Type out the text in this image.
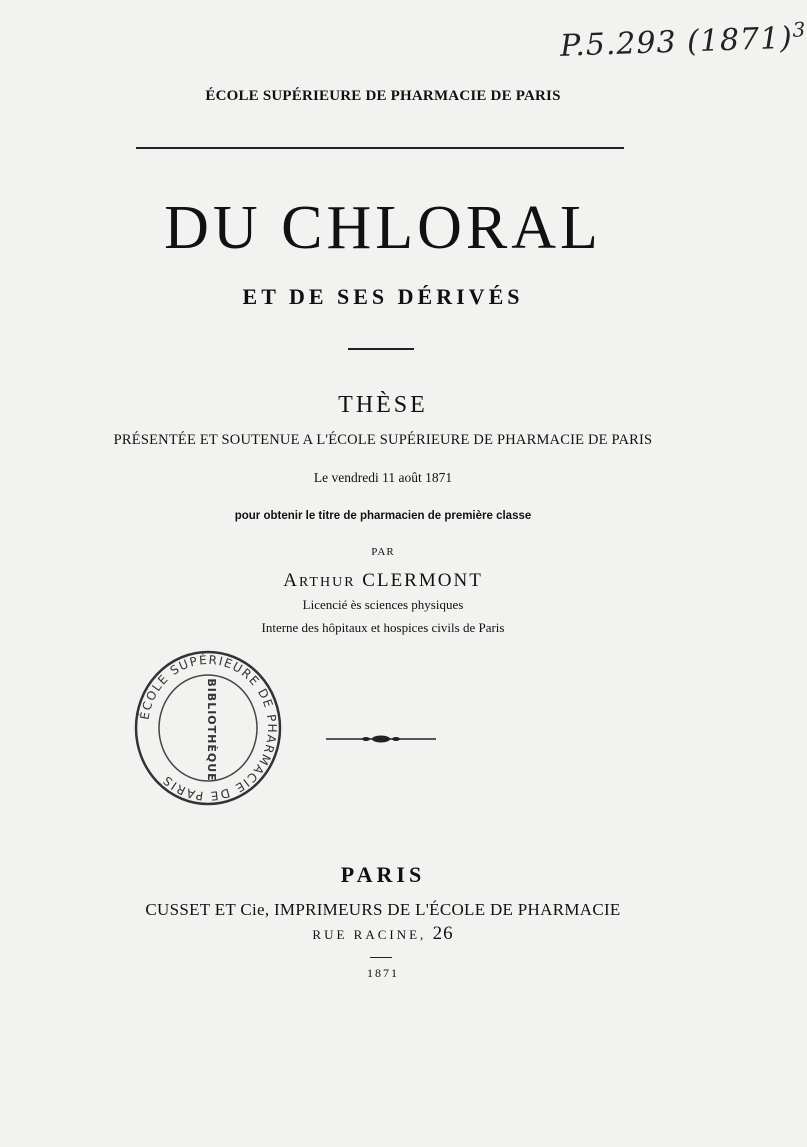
P.5.293 $(1871)^3$
ÉCOLE SUPÉRIEURE DE PHARMACIE DE PARIS
DU CHLORAL
ET DE SES DÉRIVÉS
THÈSE
PRÉSENTÉE ET SOUTENUE A L'ÉCOLE SUPÉRIEURE DE PHARMACIE DE PARIS
Le vendredi 11 août 1871
pour obtenir le titre de pharmacien de première classe
PAR
ARTHUR CLERMONT
Licencié ès sciences physiques
Interne des hôpitaux et hospices civils de Paris
ÉCOLE SUPÉRIEURE DE PHARMACIE DE PARIS	BIBLIOTHÈQUE
PARIS
CUSSET ET Cie, IMPRIMEURS DE L'ÉCOLE DE PHARMACIE
RUE RACINE, 26
1871
